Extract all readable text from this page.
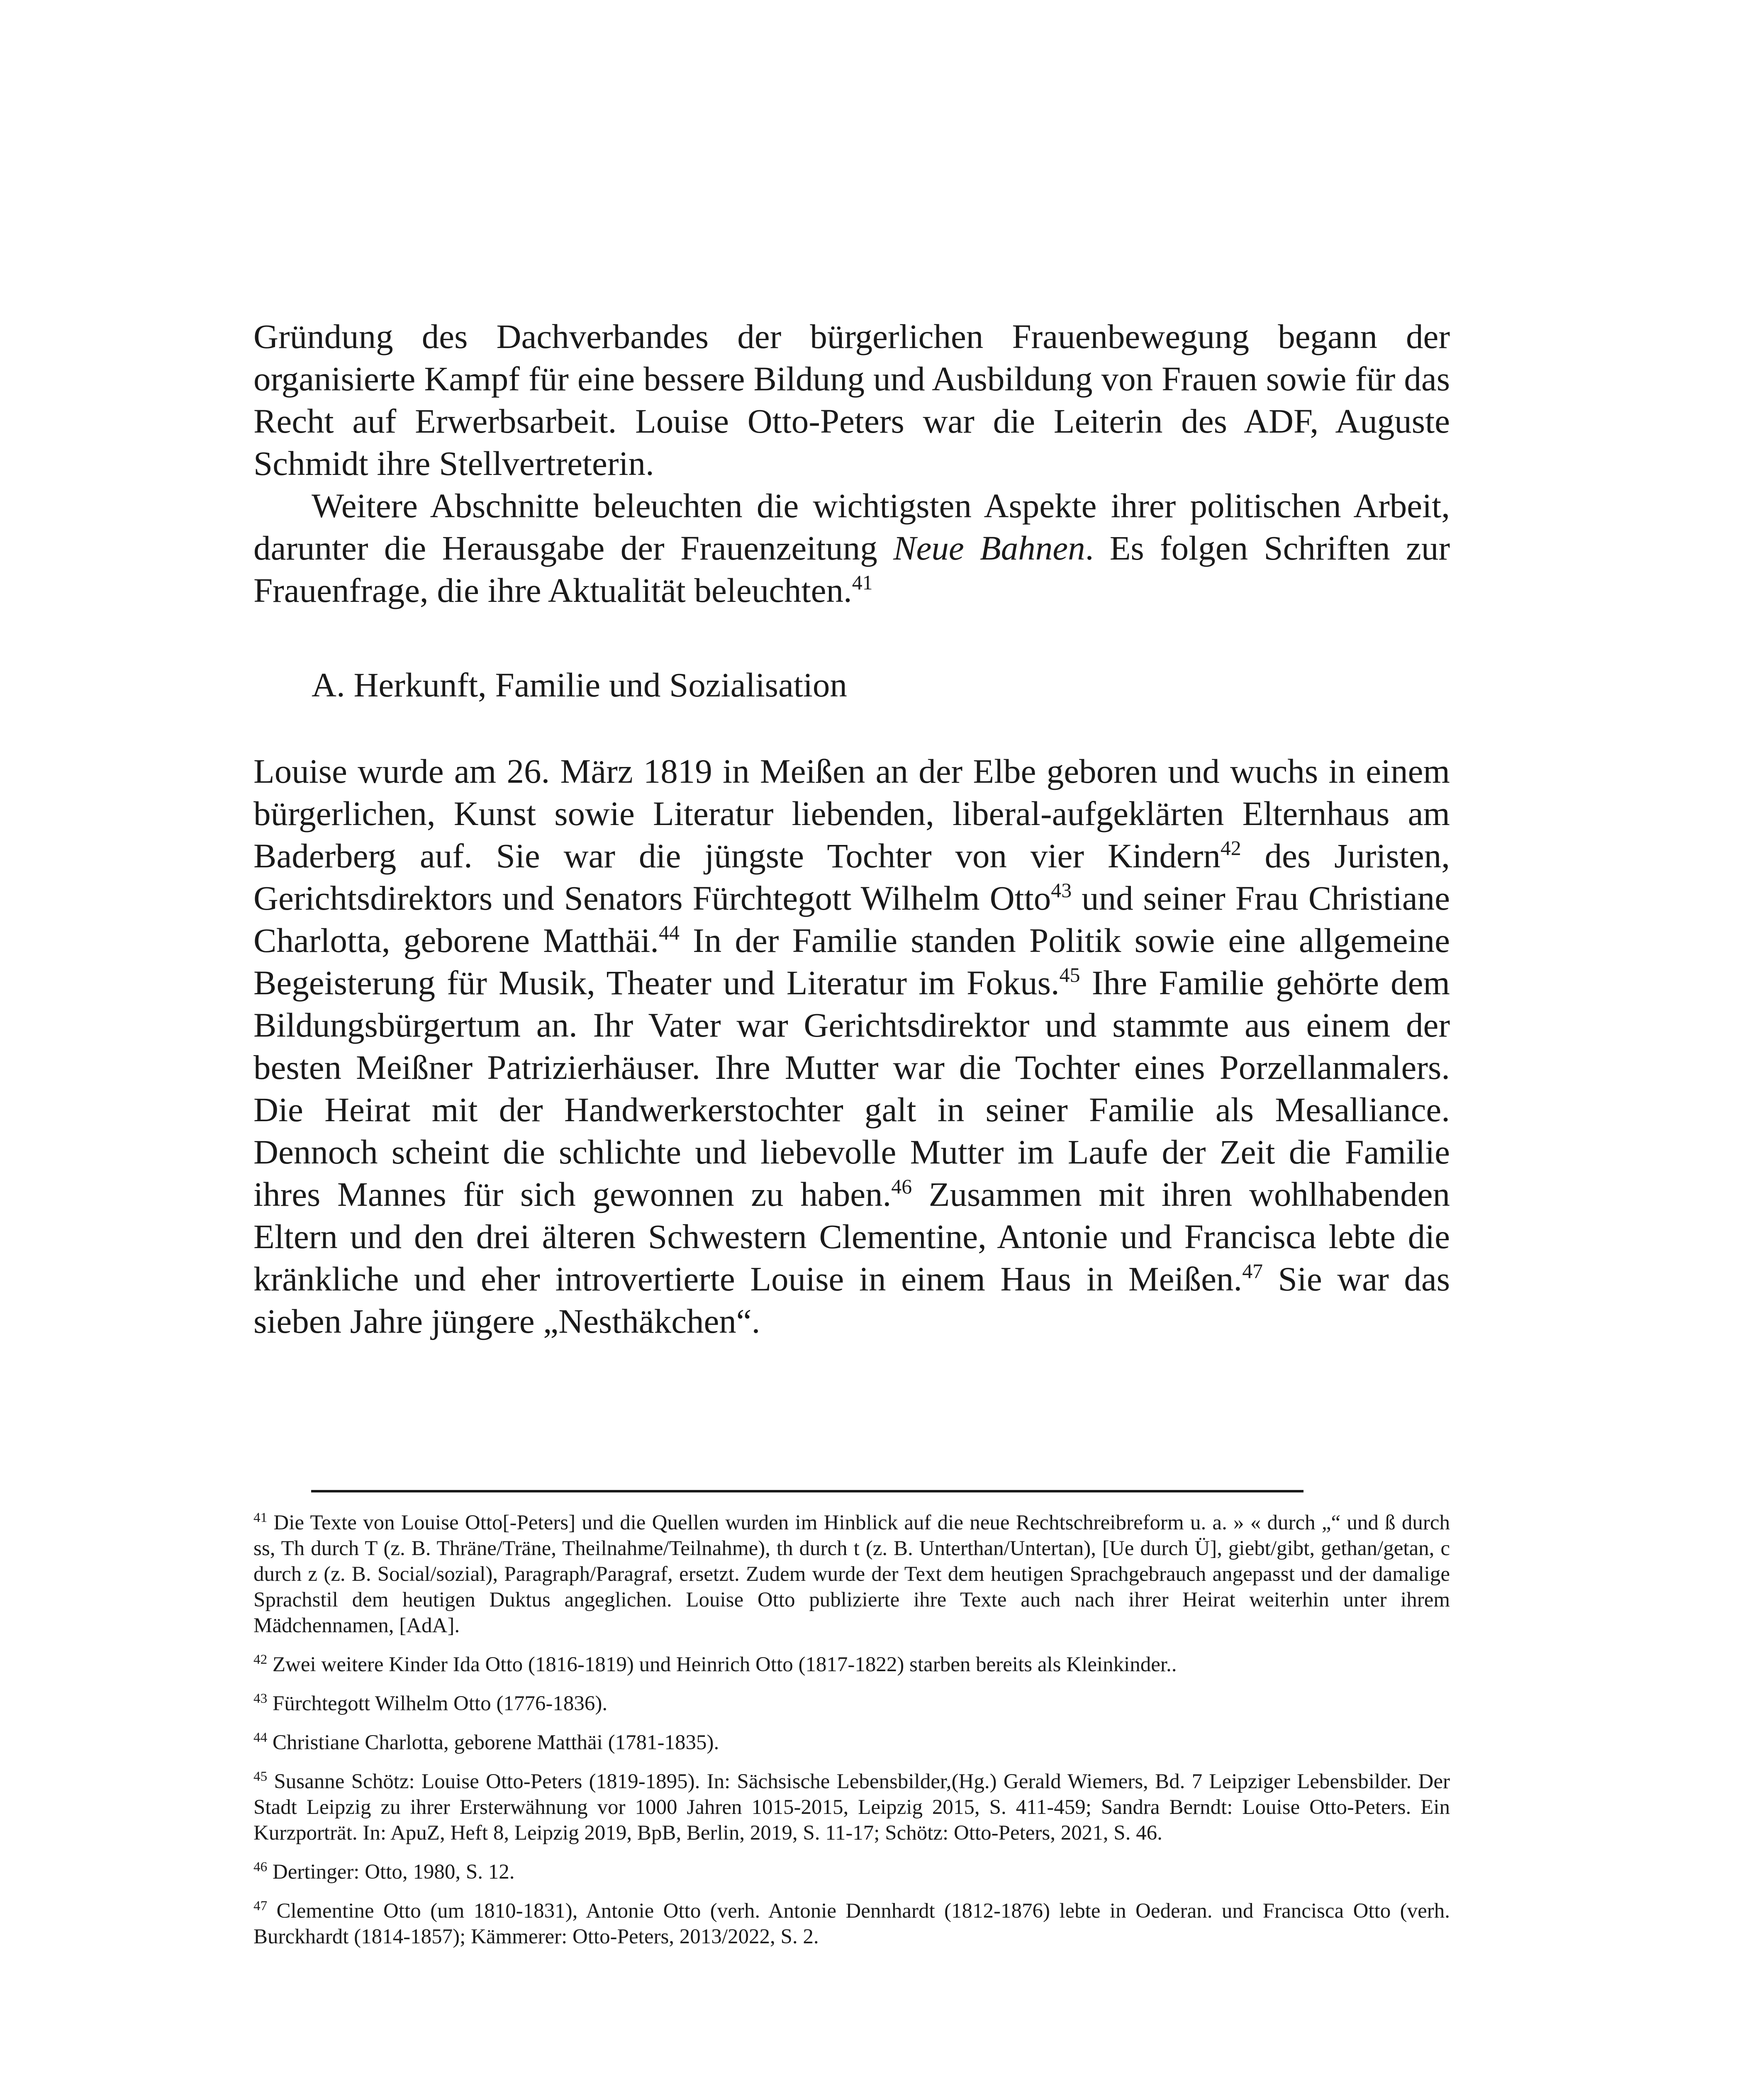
Gründung des Dachverbandes der bürgerlichen Frauenbewegung begann der organisierte Kampf für eine bessere Bildung und Ausbildung von Frauen sowie für das Recht auf Erwerbsarbeit. Louise Otto-Peters war die Leiterin des ADF, Auguste Schmidt ihre Stellvertreterin.

Weitere Abschnitte beleuchten die wichtigsten Aspekte ihrer politischen Arbeit, darunter die Herausgabe der Frauenzeitung Neue Bahnen. Es folgen Schriften zur Frauenfrage, die ihre Aktualität beleuchten.$^{41}$

A. Herkunft, Familie und Sozialisation

Louise wurde am 26. März 1819 in Meißen an der Elbe geboren und wuchs in einem bürgerlichen, Kunst sowie Literatur liebenden, liberal-aufgeklärten Elternhaus am Baderberg auf. Sie war die jüngste Tochter von vier Kindern$^{42}$ des Juristen, Gerichtsdirektors und Senators Fürchtegott Wilhelm Otto$^{43}$ und seiner Frau Christiane Charlotta, geborene Matthäi.$^{44}$ In der Familie standen Politik sowie eine allgemeine Begeisterung für Musik, Theater und Literatur im Fokus.$^{45}$ Ihre Familie gehörte dem Bildungsbürgertum an. Ihr Vater war Gerichtsdirektor und stammte aus einem der besten Meißner Patrizierhäuser. Ihre Mutter war die Tochter eines Porzellanmalers. Die Heirat mit der Handwerkerstochter galt in seiner Familie als Mesalliance. Dennoch scheint die schlichte und liebevolle Mutter im Laufe der Zeit die Familie ihres Mannes für sich gewonnen zu haben.$^{46}$ Zusammen mit ihren wohlhabenden Eltern und den drei älteren Schwestern Clementine, Antonie und Francisca lebte die kränkliche und eher introvertierte Louise in einem Haus in Meißen.$^{47}$ Sie war das sieben Jahre jüngere „Nesthäkchen“.

$^{41}$ Die Texte von Louise Otto[-Peters] und die Quellen wurden im Hinblick auf die neue Rechtschreibreform u. a. » « durch „“ und ß durch ss, Th durch T (z. B. Thräne/Träne, Theilnahme/Teilnahme), th durch t (z. B. Unterthan/Untertan), [Ue durch Ü], giebt/gibt, gethan/getan, c durch z (z. B. Social/sozial), Paragraph/Paragraf, ersetzt. Zudem wurde der Text dem heutigen Sprachgebrauch angepasst und der damalige Sprachstil dem heutigen Duktus angeglichen. Louise Otto publizierte ihre Texte auch nach ihrer Heirat weiterhin unter ihrem Mädchennamen, [AdA].

$^{42}$ Zwei weitere Kinder Ida Otto (1816-1819) und Heinrich Otto (1817-1822) starben bereits als Kleinkinder..

$^{43}$ Fürchtegott Wilhelm Otto (1776-1836).

$^{44}$ Christiane Charlotta, geborene Matthäi (1781-1835).

$^{45}$ Susanne Schötz: Louise Otto-Peters (1819-1895). In: Sächsische Lebensbilder,(Hg.) Gerald Wiemers, Bd. 7 Leipziger Lebensbilder. Der Stadt Leipzig zu ihrer Ersterwähnung vor 1000 Jahren 1015-2015, Leipzig 2015, S. 411-459; Sandra Berndt: Louise Otto-Peters. Ein Kurzporträt. In: ApuZ, Heft 8, Leipzig 2019, BpB, Berlin, 2019, S. 11-17; Schötz: Otto-Peters, 2021, S. 46.

$^{46}$ Dertinger: Otto, 1980, S. 12.

$^{47}$ Clementine Otto (um 1810-1831), Antonie Otto (verh. Antonie Dennhardt (1812-1876) lebte in Oederan. und Francisca Otto (verh. Burckhardt (1814-1857); Kämmerer: Otto-Peters, 2013/2022, S. 2.
